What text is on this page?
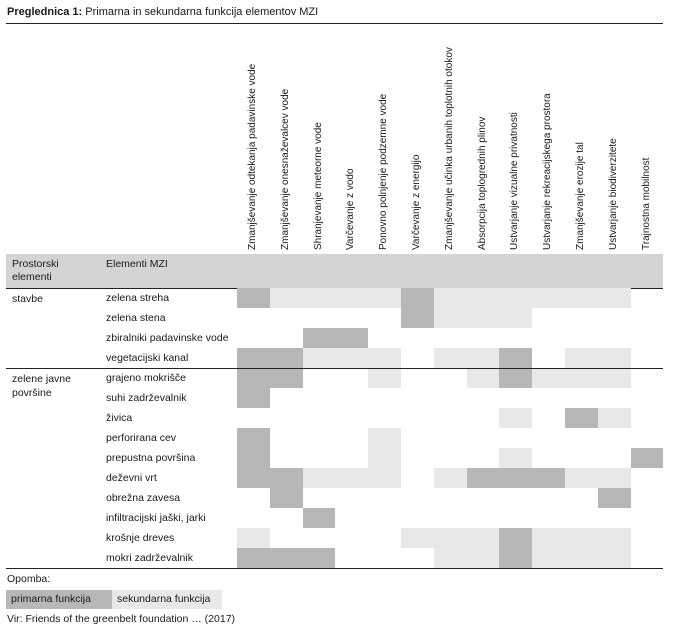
Preglednica 1: Primarna in sekundarna funkcija elementov MZI
Zmanjševanje odtekanja padavinske vode Zmanjševanje onesnaževalcev vode Shranjevanje meteorne vode Varčevanje z vodo Ponovno polnjenje podzemne vode Varčevanje z energijo Zmanjševanje učinka urbanih toplotnih otokov Absorpcija toplogrednih plinov Ustvarjanje vizualne privatnosti Ustvarjanje rekreacijskega prostora Zmanjševanje erozije tal Ustvarjanje biodiverzitete Trajnostna mobilnost
Prostorski
elementi
Elementi MZI
zelena streha
zelena stena
zbiralniki padavinske vode
vegetacijski kanal
grajeno mokrišče
suhi zadrževalnik
živica
perforirana cev
prepustna površina
deževni vrt
obrežna zavesa
infiltracijski jaški, jarki
krošnje dreves
mokri zadrževalnik
stavbe
zelene javne
površine
Opomba:
primarna funkcija	sekundarna funkcija
Vir: Friends of the greenbelt foundation … (2017)
